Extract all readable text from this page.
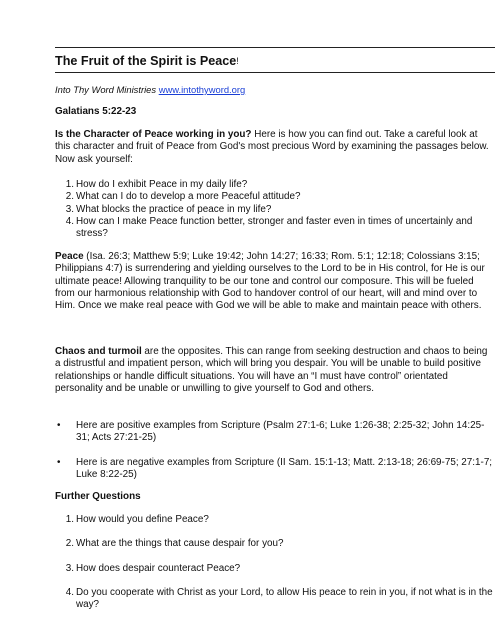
The Fruit of the Spirit is Peace!
Into Thy Word Ministries www.intothyword.org
Galatians 5:22-23
Is the Character of Peace working in you? Here is how you can find out. Take a careful look at this character and fruit of Peace from God's most precious Word by examining the passages below. Now ask yourself:
1. How do I exhibit Peace in my daily life?
2. What can I do to develop a more Peaceful attitude?
3. What blocks the practice of peace in my life?
4. How can I make Peace function better, stronger and faster even in times of uncertainly and stress?
Peace (Isa. 26:3; Matthew 5:9; Luke 19:42; John 14:27; 16:33; Rom. 5:1; 12:18; Colossians 3:15; Philippians 4:7) is surrendering and yielding ourselves to the Lord to be in His control, for He is our ultimate peace! Allowing tranquility to be our tone and control our composure. This will be fueled from our harmonious relationship with God to handover control of our heart, will and mind over to Him. Once we make real peace with God we will be able to make and maintain peace with others.
Chaos and turmoil are the opposites. This can range from seeking destruction and chaos to being a distrustful and impatient person, which will bring you despair. You will be unable to build positive relationships or handle difficult situations. You will have an “I must have control” orientated personality and be unable or unwilling to give yourself to God and others.
• Here are positive examples from Scripture (Psalm 27:1-6; Luke 1:26-38; 2:25-32; John 14:25-31; Acts 27:21-25)
• Here is are negative examples from Scripture (II Sam. 15:1-13; Matt. 2:13-18; 26:69-75; 27:1-7; Luke 8:22-25)
Further Questions
1. How would you define Peace?
2. What are the things that cause despair for you?
3. How does despair counteract Peace?
4. Do you cooperate with Christ as your Lord, to allow His peace to rein in you, if not what is in the way?
